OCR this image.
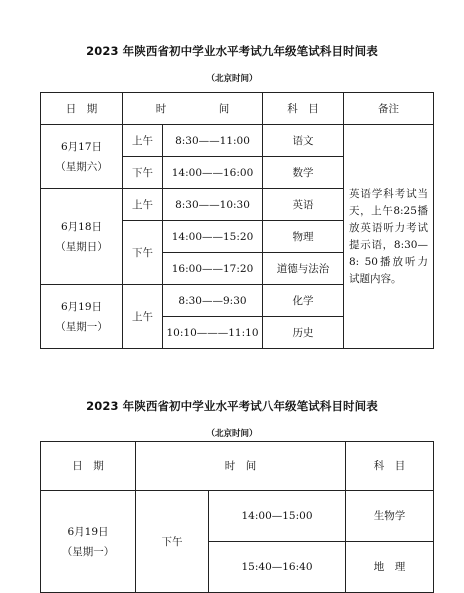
2023 年陕西省初中学业水平考试九年级笔试科目时间表
（北京时间）
日　期	时　　　　　间		科　目	备注

6月17日
（星期六）	上午	8:30——11:00	语文	英语学科考试当天，上午8:25播放英语听力考试提示语，8:30—8: 50播放听力试题内容。

	下午	14:00——16:00	数学	

6月18日
（星期日）	上午	8:30——10:30	英语	
	下午	14:00——15:20	物理	
		16:00——17:20	道德与法治	

6月19日
（星期一）	上午	8:30——9:30	化学	
		10:10———11:10	历史	
2023 年陕西省初中学业水平考试八年级笔试科目时间表
（北京时间）
日　期	时　间		科　目

6月19日
（星期一）	下午	14:00—15:00	生物学
		15:40—16:40	地　理
